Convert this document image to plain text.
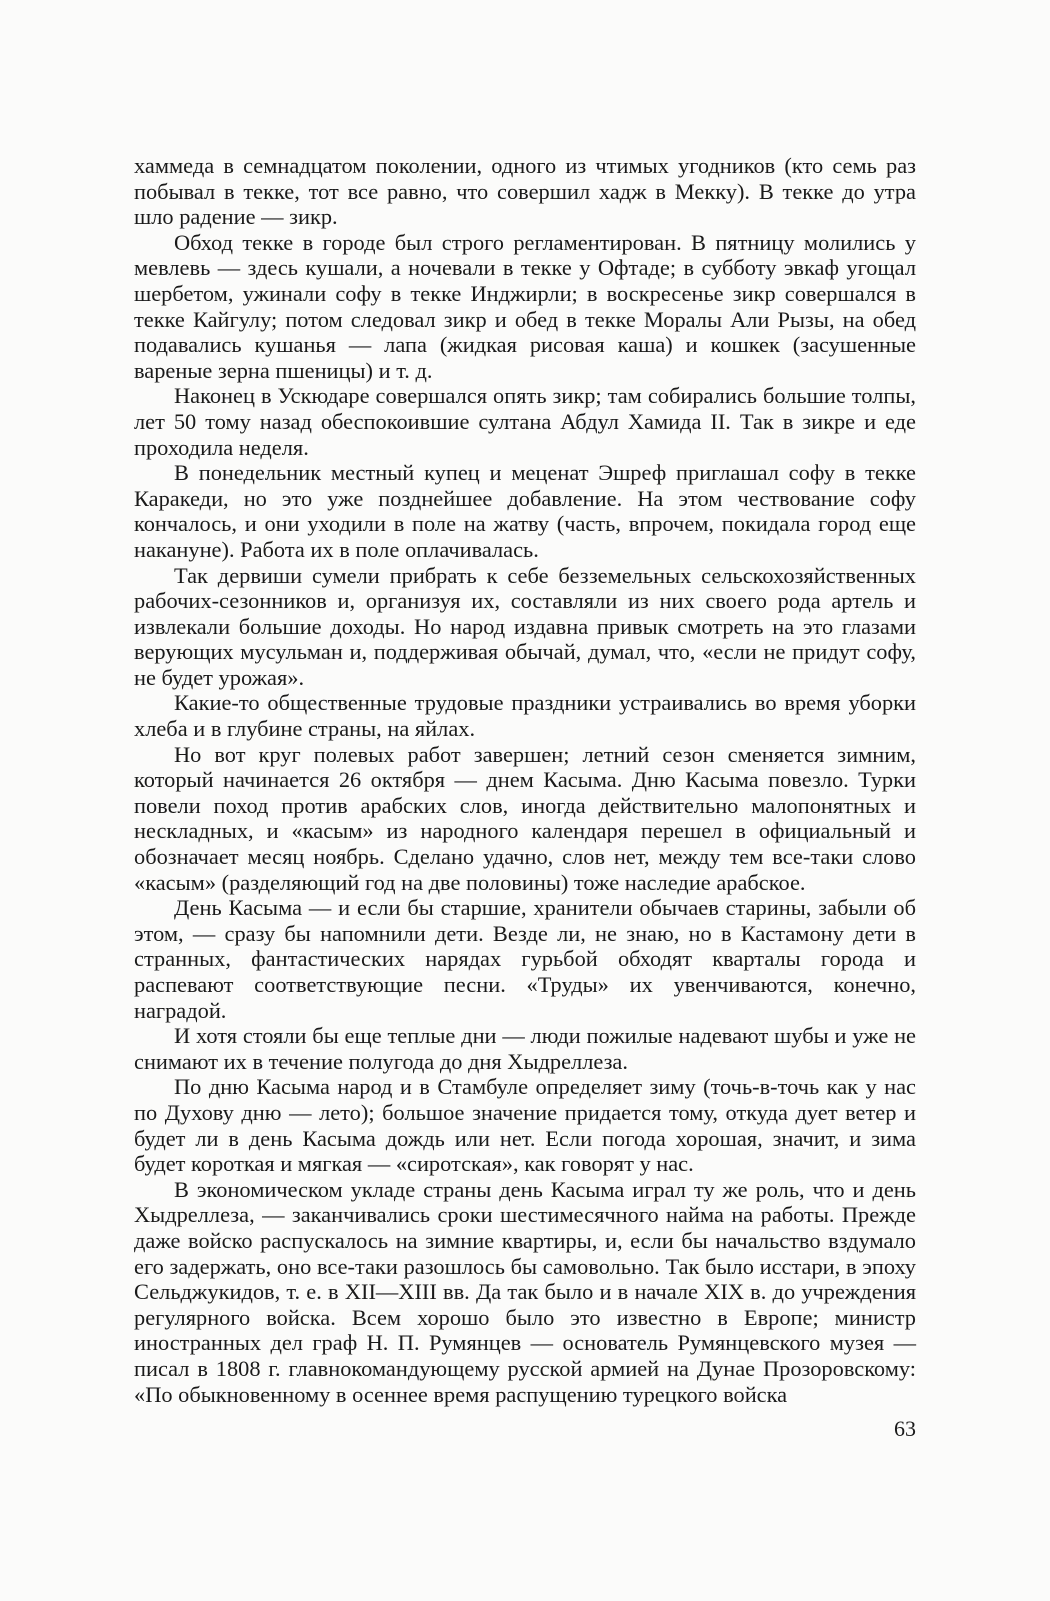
хаммеда в семнадцатом поколении, одного из чтимых угодников (кто семь раз побывал в текке, тот все равно, что совершил хадж в Мекку). В текке до утра шло радение — зикр.

Обход текке в городе был строго регламентирован. В пятницу молились у мевлевь — здесь кушали, а ночевали в текке у Офтаде; в субботу эвкаф угощал шербетом, ужинали софу в текке Инджирли; в воскресенье зикр совершался в текке Кайгулу; потом следовал зикр и обед в текке Моралы Али Рызы, на обед подавались кушанья — лапа (жидкая рисовая каша) и кошкек (засушенные вареные зерна пшеницы) и т. д.

Наконец в Ускюдаре совершался опять зикр; там собирались большие толпы, лет 50 тому назад обеспокоившие султана Абдул Хамида II. Так в зикре и еде проходила неделя.

В понедельник местный купец и меценат Эшреф приглашал софу в текке Каракеди, но это уже позднейшее добавление. На этом чествование софу кончалось, и они уходили в поле на жатву (часть, впрочем, покидала город еще накануне). Работа их в поле оплачивалась.

Так дервиши сумели прибрать к себе безземельных сельскохозяйственных рабочих-сезонников и, организуя их, составляли из них своего рода артель и извлекали большие доходы. Но народ издавна привык смотреть на это глазами верующих мусульман и, поддерживая обычай, думал, что, «если не придут софу, не будет урожая».

Какие-то общественные трудовые праздники устраивались во время уборки хлеба и в глубине страны, на яйлах.

Но вот круг полевых работ завершен; летний сезон сменяется зимним, который начинается 26 октября — днем Касыма. Дню Касыма повезло. Турки повели поход против арабских слов, иногда действительно малопонятных и нескладных, и «касым» из народного календаря перешел в официальный и обозначает месяц ноябрь. Сделано удачно, слов нет, между тем все-таки слово «касым» (разделяющий год на две половины) тоже наследие арабское.

День Касыма — и если бы старшие, хранители обычаев старины, забыли об этом, — сразу бы напомнили дети. Везде ли, не знаю, но в Кастамону дети в странных, фантастических нарядах гурьбой обходят кварталы города и распевают соответствующие песни. «Труды» их увенчиваются, конечно, наградой.

И хотя стояли бы еще теплые дни — люди пожилые надевают шубы и уже не снимают их в течение полугода до дня Хыдреллеза.

По дню Касыма народ и в Стамбуле определяет зиму (точь-в-точь как у нас по Духову дню — лето); большое значение придается тому, откуда дует ветер и будет ли в день Касыма дождь или нет. Если погода хорошая, значит, и зима будет короткая и мягкая — «сиротская», как говорят у нас.

В экономическом укладе страны день Касыма играл ту же роль, что и день Хыдреллеза, — заканчивались сроки шестимесячного найма на работы. Прежде даже войско распускалось на зимние квартиры, и, если бы начальство вздумало его задержать, оно все-таки разошлось бы самовольно. Так было исстари, в эпоху Сельджукидов, т. е. в XII—XIII вв. Да так было и в начале XIX в. до учреждения регулярного войска. Всем хорошо было это известно в Европе; министр иностранных дел граф Н. П. Румянцев — основатель Румянцевского музея — писал в 1808 г. главнокомандующему русской армией на Дунае Прозоровскому: «По обыкновенному в осеннее время распущению турецкого войска

63
